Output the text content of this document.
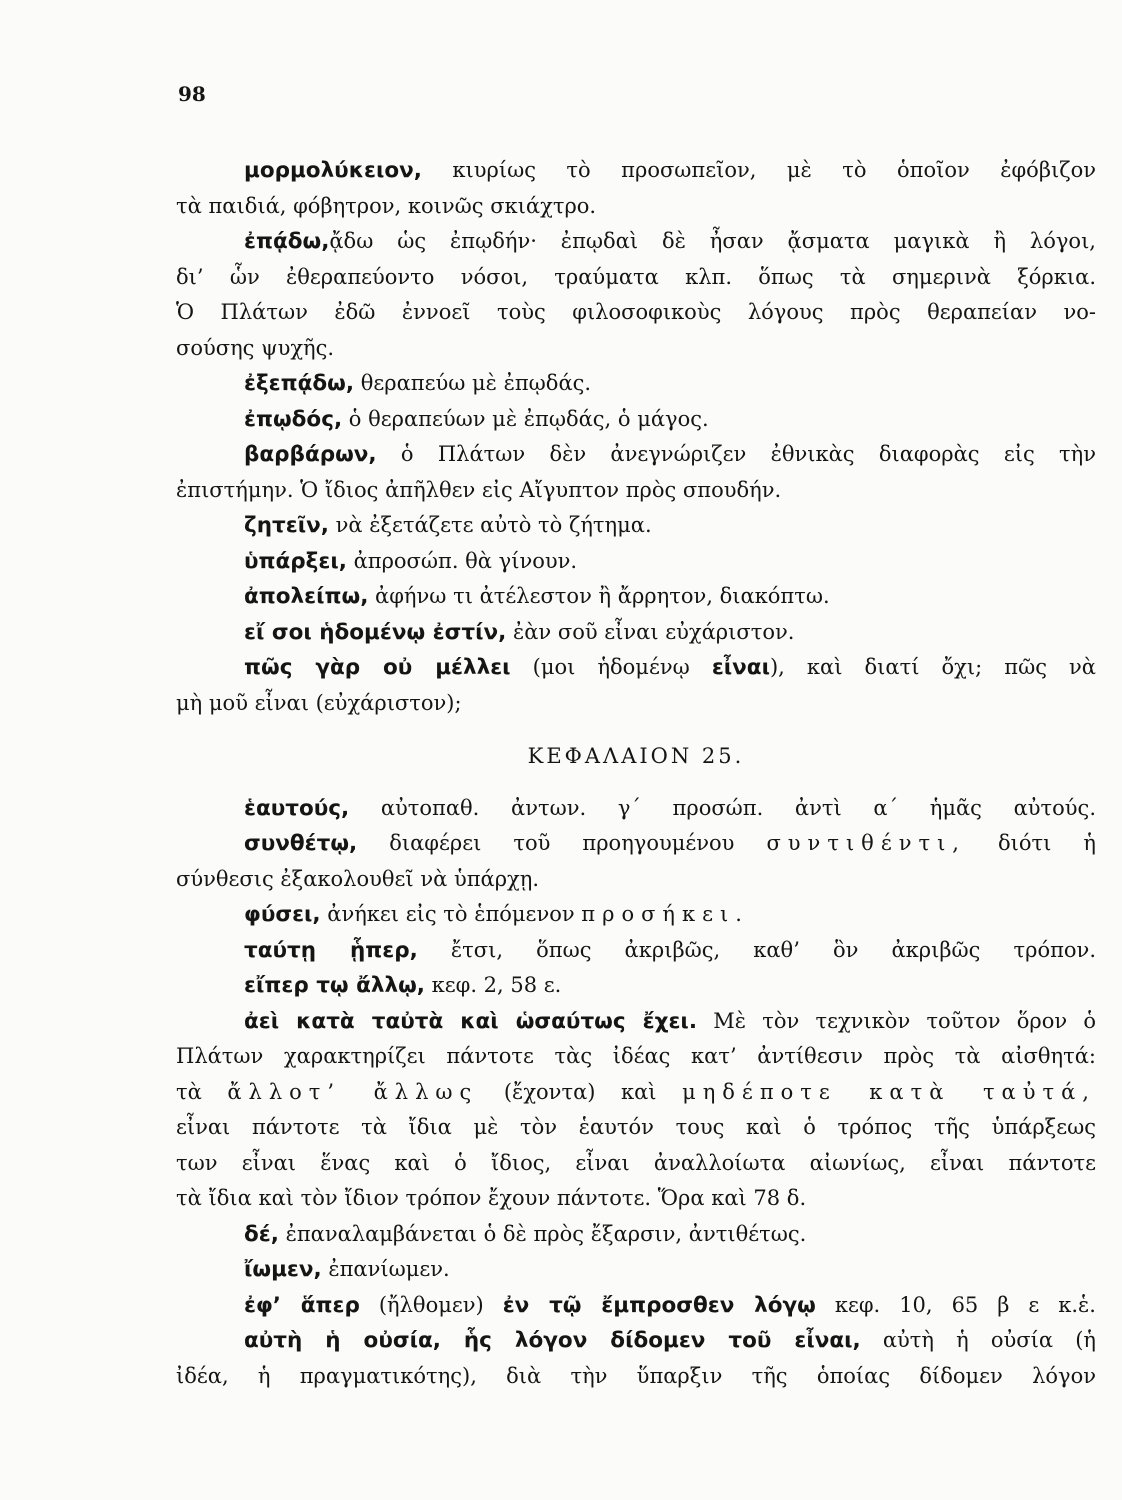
98
μορμολύκειον, κιυρίως τὸ προσωπεῖον, μὲ τὸ ὁποῖον ἐφόβιζον
τὰ παιδιά, φόβητρον, κοινῶς σκιάχτρο.
ἐπᾴδω,ᾄδω ὡς ἐπῳδήν· ἐπῳδαὶ δὲ ἦσαν ᾄσματα μαγικὰ ἢ λόγοι,
δι’ ὧν ἐθεραπεύοντο νόσοι, τραύματα κλπ. ὅπως τὰ σημερινὰ ξόρκια.
Ὁ Πλάτων ἐδῶ ἐννοεῖ τοὺς φιλοσοφικοὺς λόγους πρὸς θεραπείαν νο-
σούσης ψυχῆς.
ἐξεπᾴδω, θεραπεύω μὲ ἐπῳδάς.
ἐπῳδός, ὁ θεραπεύων μὲ ἐπῳδάς, ὁ μάγος.
βαρβάρων, ὁ Πλάτων δὲν ἀνεγνώριζεν ἐθνικὰς διαφορὰς εἰς τὴν
ἐπιστήμην. Ὁ ἴδιος ἀπῆλθεν εἰς Αἴγυπτον πρὸς σπουδήν.
ζητεῖν, νὰ ἐξετάζετε αὐτὸ τὸ ζήτημα.
ὑπάρξει, ἀπροσώπ. θὰ γίνουν.
ἀπολείπω, ἀφήνω τι ἀτέλεστον ἢ ἄρρητον, διακόπτω.
εἴ σοι ἡδομένῳ ἐστίν, ἐὰν σοῦ εἶναι εὐχάριστον.
πῶς γὰρ οὐ μέλλει (μοι ἡδομένῳ εἶναι), καὶ διατί ὄχι; πῶς νὰ
μὴ μοῦ εἶναι (εὐχάριστον);
ΚΕΦΑΛΑΙΟΝ 25.
ἑαυτούς, αὐτοπαθ. ἀντων. γ΄ προσώπ. ἀντὶ α΄ ἡμᾶς αὐτούς.
συνθέτῳ, διαφέρει τοῦ προηγουμένου συντιθέντι, διότι ἡ
σύνθεσις ἐξακολουθεῖ νὰ ὑπάρχῃ.
φύσει, ἀνήκει εἰς τὸ ἑπόμενον προσήκει.
ταύτῃ ᾗπερ, ἔτσι, ὅπως ἀκριβῶς, καθ’ ὃν ἀκριβῶς τρόπον.
εἴπερ τῳ ἄλλῳ, κεφ. 2, 58 ε.
ἀεὶ κατὰ ταὐτὰ καὶ ὡσαύτως ἔχει. Μὲ τὸν τεχνικὸν τοῦτον ὅρον ὁ
Πλάτων χαρακτηρίζει πάντοτε τὰς ἰδέας κατ’ ἀντίθεσιν πρὸς τὰ αἰσθητά:
τὰ ἄλλοτ’ ἄλλως (ἔχοντα) καὶ μηδέποτε κατὰ ταὐτά,
εἶναι πάντοτε τὰ ἴδια μὲ τὸν ἑαυτόν τους καὶ ὁ τρόπος τῆς ὑπάρξεως
των εἶναι ἕνας καὶ ὁ ἴδιος, εἶναι ἀναλλοίωτα αἰωνίως, εἶναι πάντοτε
τὰ ἴδια καὶ τὸν ἴδιον τρόπον ἔχουν πάντοτε. Ὅρα καὶ 78 δ.
δέ, ἐπαναλαμβάνεται ὁ δὲ πρὸς ἔξαρσιν, ἀντιθέτως.
ἴωμεν, ἐπανίωμεν.
ἐφ’ ἅπερ (ἤλθομεν) ἐν τῷ ἔμπροσθεν λόγῳ κεφ. 10, 65 β ε κ.ἑ.
αὐτὴ ἡ οὐσία, ἧς λόγον δίδομεν τοῦ εἶναι, αὐτὴ ἡ οὐσία (ἡ
ἰδέα, ἡ πραγματικότης), διὰ τὴν ὕπαρξιν τῆς ὁποίας δίδομεν λόγον
